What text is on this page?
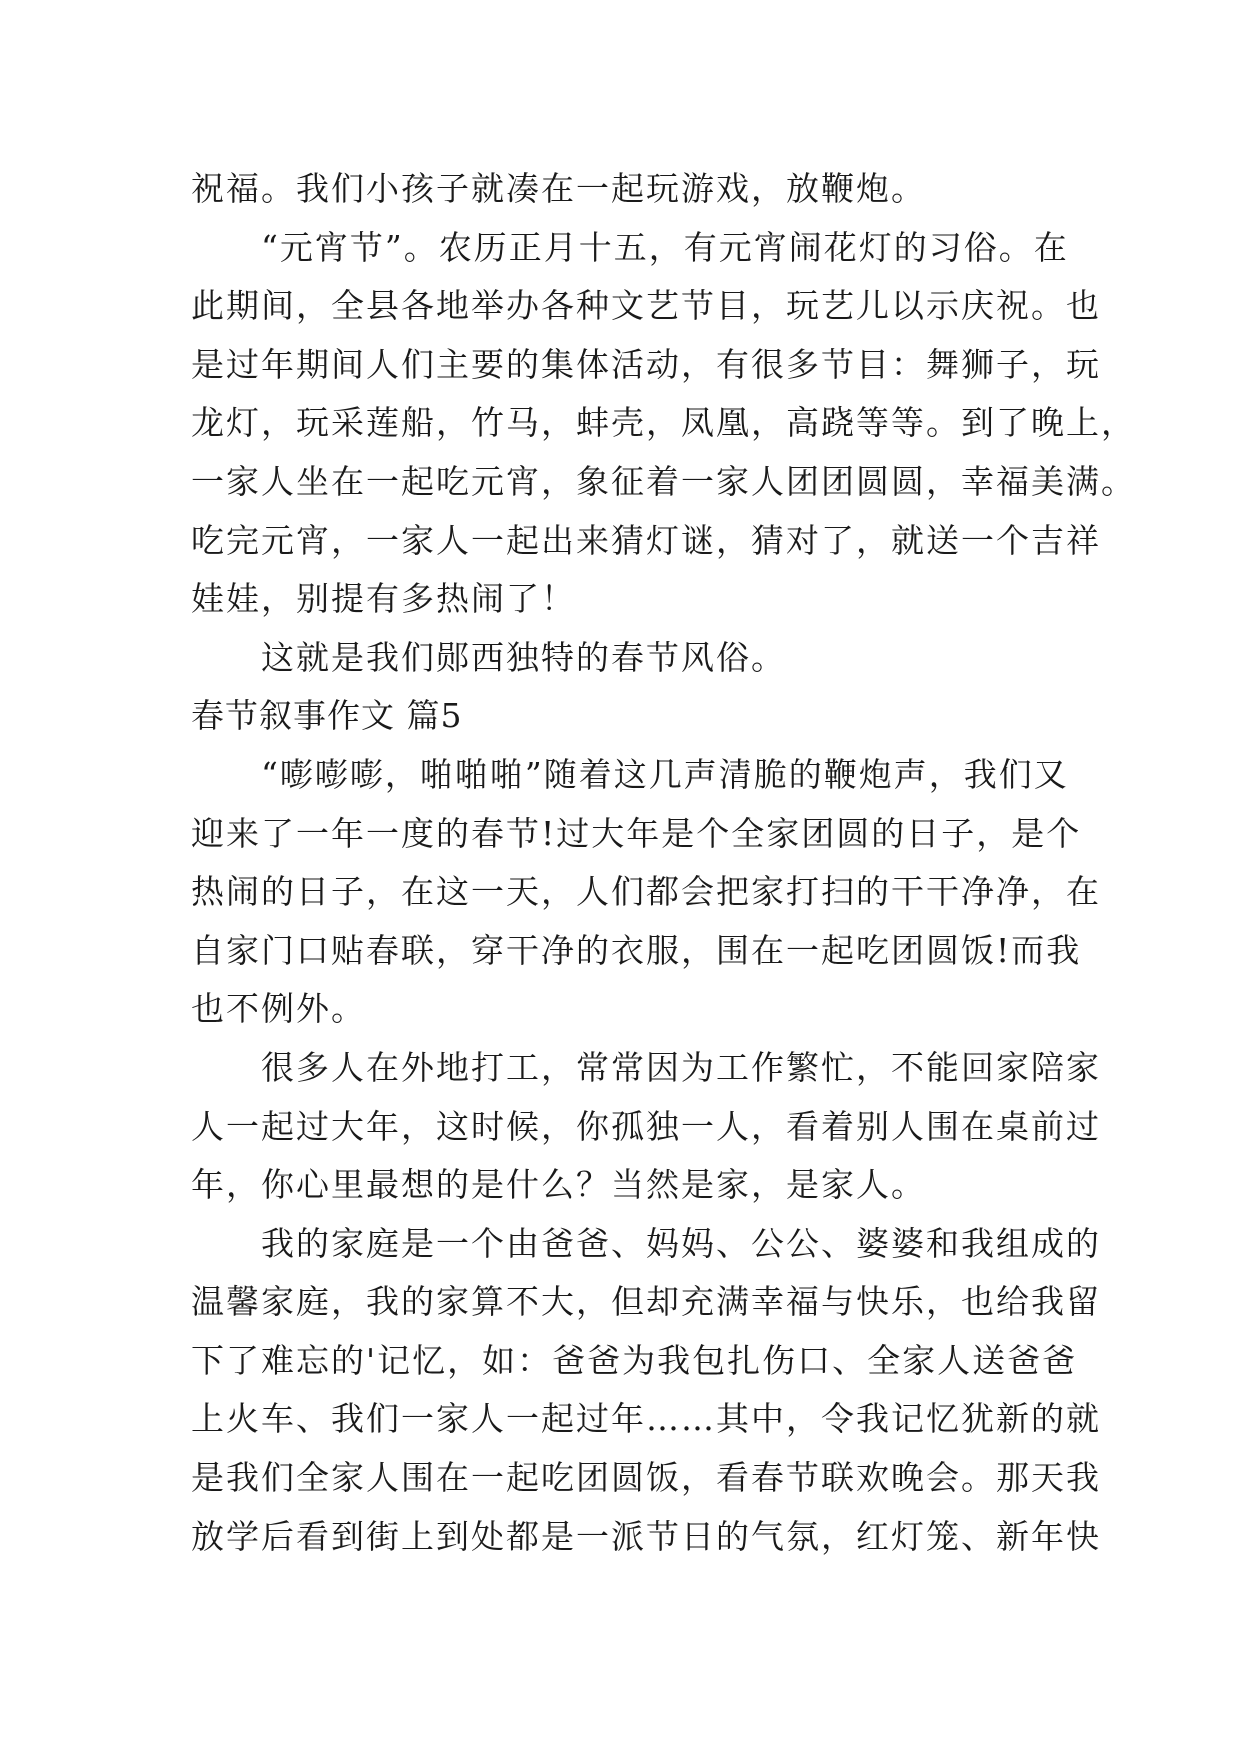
祝福。我们小孩子就凑在一起玩游戏，放鞭炮。
“元宵节”。农历正月十五，有元宵闹花灯的习俗。在
此期间，全县各地举办各种文艺节目，玩艺儿以示庆祝。也
是过年期间人们主要的集体活动，有很多节目：舞狮子，玩
龙灯，玩采莲船，竹马，蚌壳，凤凰，高跷等等。到了晚上，
一家人坐在一起吃元宵，象征着一家人团团圆圆，幸福美满。
吃完元宵，一家人一起出来猜灯谜，猜对了，就送一个吉祥
娃娃，别提有多热闹了！
这就是我们郧西独特的春节风俗。
春节叙事作文 篇5
“嘭嘭嘭，啪啪啪”随着这几声清脆的鞭炮声，我们又
迎来了一年一度的春节!过大年是个全家团圆的日子，是个
热闹的日子，在这一天，人们都会把家打扫的干干净净，在
自家门口贴春联，穿干净的衣服，围在一起吃团圆饭!而我
也不例外。
很多人在外地打工，常常因为工作繁忙，不能回家陪家
人一起过大年，这时候，你孤独一人，看着别人围在桌前过
年，你心里最想的是什么？当然是家，是家人。
我的家庭是一个由爸爸、妈妈、公公、婆婆和我组成的
温馨家庭，我的家算不大，但却充满幸福与快乐，也给我留
下了难忘的'记忆，如：爸爸为我包扎伤口、全家人送爸爸
上火车、我们一家人一起过年……其中，令我记忆犹新的就
是我们全家人围在一起吃团圆饭，看春节联欢晚会。那天我
放学后看到街上到处都是一派节日的气氛，红灯笼、新年快
